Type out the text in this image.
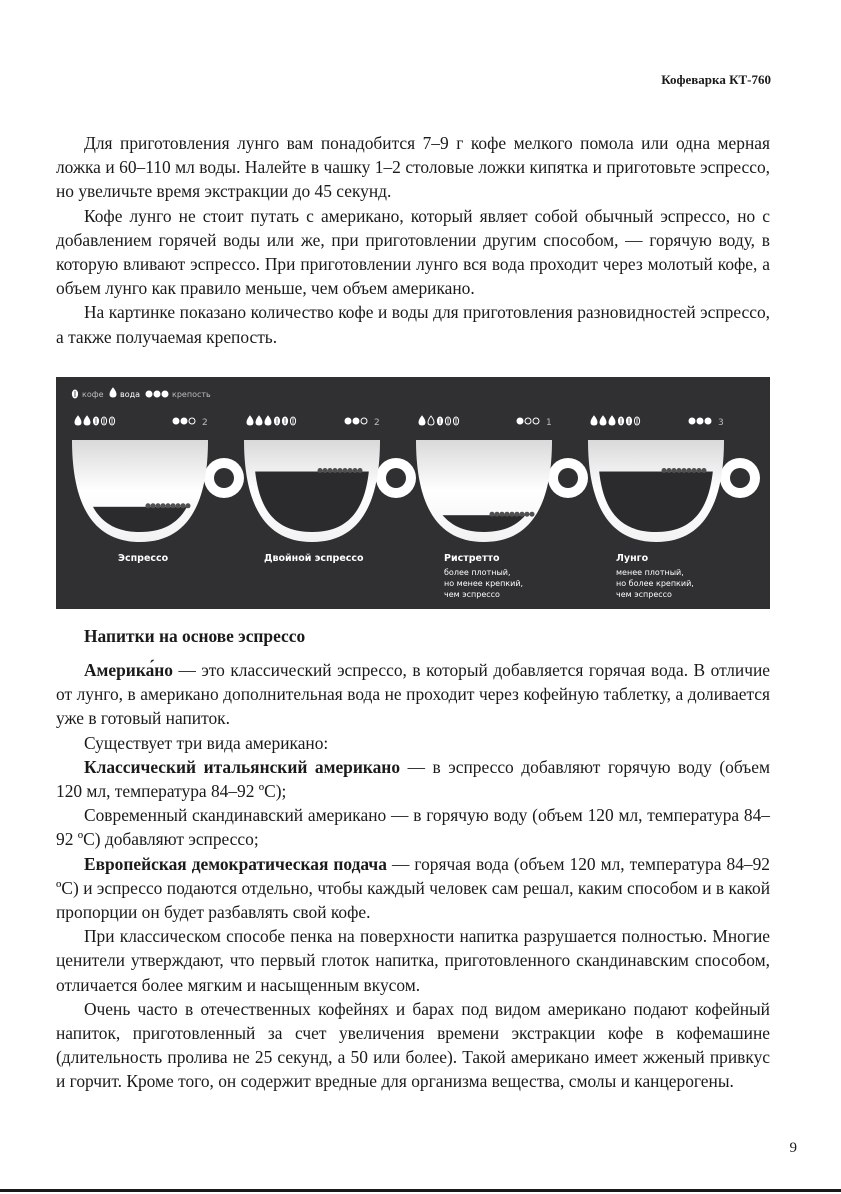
Кофеварка КТ-760

Для приготовления лунго вам понадобится 7–9 г кофе мелкого помола или одна мерная ложка и 60–110 мл воды. Налейте в чашку 1–2 столовые ложки кипятка и приготовьте эспрессо, но увеличьте время экстракции до 45 секунд.

Кофе лунго не стоит путать с американо, который являет собой обычный эспрессо, но с добавлением горячей воды или же, при приготовлении другим способом, — горячую воду, в которую вливают эспрессо. При приготовлении лунго вся вода проходит через молотый кофе, а объем лунго как правило меньше, чем объем американо.

На картинке показано количество кофе и воды для приготовления разновидностей эспрессо, а также получаемая крепость.

кофе вода	крепость
2
Эспрессо
2
Двойной эспрессо
1
Ристретто
более плотный,
но менее крепкий,
чем эспрессо
3
Лунго
менее плотный,
но более крепкий,
чем эспрессо
Напитки на основе эспрессо

Америка́но — это классический эспрессо, в который добавляется горячая вода. В отличие от лунго, в американо дополнительная вода не проходит через кофейную таблетку, а доливается уже в готовый напиток.

Существует три вида американо:

Классический итальянский американо — в эспрессо добавляют горячую воду (объем 120 мл, температура 84–92 ºC);

Современный скандинавский американо — в горячую воду (объем 120 мл, температура 84–92 ºC) добавляют эспрессо;

Европейская демократическая подача — горячая вода (объем 120 мл, температура 84–92 ºC) и эспрессо подаются отдельно, чтобы каждый человек сам решал, каким способом и в какой пропорции он будет разбавлять свой кофе.

При классическом способе пенка на поверхности напитка разрушается полностью. Многие ценители утверждают, что первый глоток напитка, приготовленного скандинавским способом, отличается более мягким и насыщенным вкусом.

Очень часто в отечественных кофейнях и барах под видом американо подают кофейный напиток, приготовленный за счет увеличения времени экстракции кофе в кофемашине (длительность пролива не 25 секунд, а 50 или более). Такой американо имеет жженый привкус и горчит. Кроме того, он содержит вредные для организма вещества, смолы и канцерогены.

9
